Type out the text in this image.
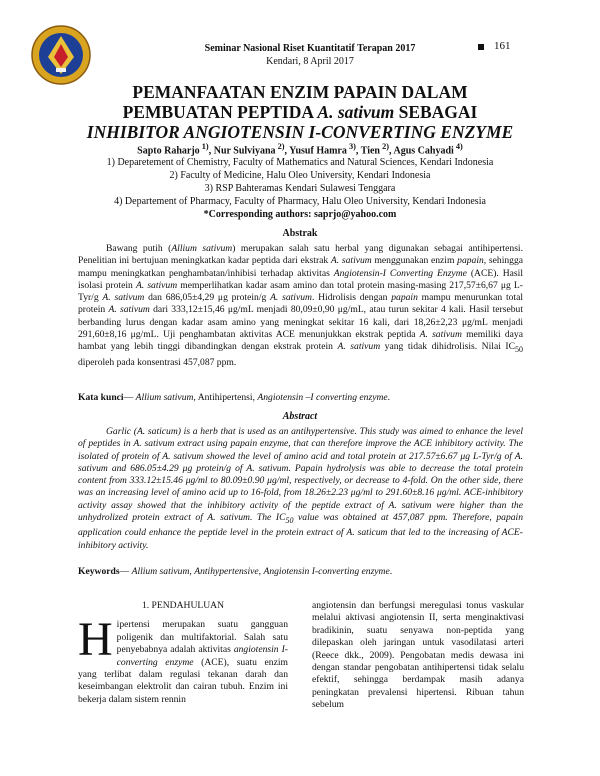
Seminar Nasional Riset Kuantitatif Terapan 2017
Kendari, 8 April 2017
161
PEMANFAATAN ENZIM PAPAIN DALAM
PEMBUATAN PEPTIDA A. sativum SEBAGAI
INHIBITOR ANGIOTENSIN I-CONVERTING ENZYME
Sapto Raharjo $^{1)}$, Nur Sulviyana $^{2)}$, Yusuf Hamra $^{3)}$, Tien $^{2)}$, Agus Cahyadi $^{4)}$
1) Deparetement of Chemistry, Faculty of Mathematics and Natural Sciences, Kendari Indonesia
2) Faculty of Medicine, Halu Oleo University, Kendari Indonesia
3) RSP Bahteramas Kendari Sulawesi Tenggara
4) Departement of Pharmacy, Faculty of Pharmacy, Halu Oleo University, Kendari Indonesia
*Corresponding authors: saprjo@yahoo.com
Abstrak

Bawang putih (Allium sativum) merupakan salah satu herbal yang digunakan sebagai antihipertensi. Penelitian ini bertujuan meningkatkan kadar peptida dari ekstrak A. sativum menggunakan enzim papain, sehingga mampu meningkatkan penghambatan/inhibisi terhadap aktivitas Angiotensin-I Converting Enzyme (ACE). Hasil isolasi protein A. sativum memperlihatkan kadar asam amino dan total protein masing-masing 217,57±6,67 μg L-Tyr/g A. sativum dan 686,05±4,29 μg protein/g A. sativum. Hidrolisis dengan papain mampu menurunkan total protein A. sativum dari 333,12±15,46 μg/mL menjadi 80,09±0,90 μg/mL, atau turun sekitar 4 kali. Hasil tersebut berbanding lurus dengan kadar asam amino yang meningkat sekitar 16 kali, dari 18,26±2,23 μg/mL menjadi 291,60±8,16 μg/mL. Uji penghambatan aktivitas ACE menunjukkan ekstrak peptida A. sativum memiliki daya hambat yang lebih tinggi dibandingkan dengan ekstrak protein A. sativum yang tidak dihidrolisis. Nilai $IC_{50}$ diperoleh pada konsentrasi 457,087 ppm.

Kata kunci— Allium sativum, Antihipertensi, Angiotensin –I converting enzyme.
Abstract

Garlic (A. saticum) is a herb that is used as an antihypertensive. This study was aimed to enhance the level of peptides in A. sativum extract using papain enzyme, that can therefore improve the ACE inhibitory activity. The isolated of protein of A. sativum showed the level of amino acid and total protein at 217.57±6.67 μg L-Tyr/g of A. sativum and 686.05±4.29 μg protein/g of A. sativum. Papain hydrolysis was able to decrease the total protein content from 333.12±15.46 μg/ml to 80.09±0.90 μg/ml, respectively, or decrease to 4-fold. On the other side, there was an increasing level of amino acid up to 16-fold, from 18.26±2.23 μg/ml to 291.60±8.16 μg/ml. ACE-inhibitory activity assay showed that the inhibitory activity of the peptide extract of A. sativum were higher than the unhydrolized protein extract of A. sativum. The $IC_{50}$ value was obtained at 457,087 ppm. Therefore, papain application could enhance the peptide level in the protein extract of A. saticum that led to the increasing of ACE-inhibitory activity.

Keywords— Allium sativum, Antihypertensive, Angiotensin I-converting enzyme.
1. PENDAHULUAN

Hipertensi merupakan suatu gangguan poligenik dan multifaktorial. Salah satu penyebabnya adalah aktivitas angiotensin I-converting enzyme (ACE), suatu enzim yang terlibat dalam regulasi tekanan darah dan keseimbangan elektrolit dan cairan tubuh. Enzim ini bekerja dalam sistem rennin

angiotensin dan berfungsi meregulasi tonus vaskular melalui aktivasi angiotensin II, serta menginaktivasi bradikinin, suatu senyawa non-peptida yang dilepaskan oleh jaringan untuk vasodilatasi arteri (Reece dkk., 2009). Pengobatan medis dewasa ini dengan standar pengobatan antihipertensi tidak selalu efektif, sehingga berdampak masih adanya peningkatan prevalensi hipertensi. Ribuan tahun sebelum
